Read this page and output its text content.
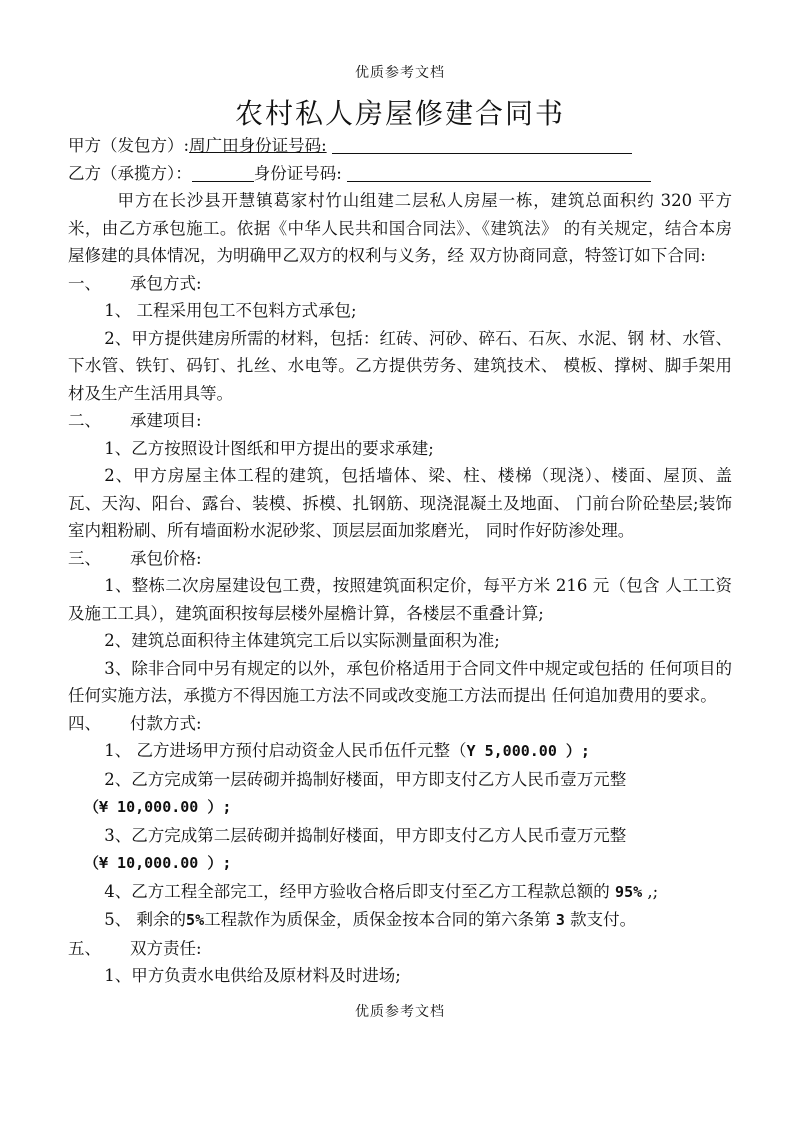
优质参考文档
农村私人房屋修建合同书
甲方（发包方）:周广田身份证号码:
乙方（承揽方）：	身份证号码:

甲方在长沙县开慧镇葛家村竹山组建二层私人房屋一栋，建筑总面积约 320 平方米，由乙方承包施工。依据《中华人民共和国合同法》、《建筑法》 的有关规定，结合本房屋修建的具体情况，为明确甲乙双方的权利与义务，经 双方协商同意，特签订如下合同:

一、 承包方式:

1、 工程采用包工不包料方式承包;

2、甲方提供建房所需的材料，包括：红砖、河砂、碎石、石灰、水泥、钢 材、水管、下水管、铁钉、码钉、扎丝、水电等。乙方提供劳务、建筑技术、 模板、撑树、脚手架用材及生产生活用具等。

二、 承建项目:

1、乙方按照设计图纸和甲方提出的要求承建;

2、甲方房屋主体工程的建筑，包括墙体、梁、柱、楼梯（现浇）、楼面、屋顶、盖瓦、天沟、阳台、露台、装模、拆模、扎钢筋、现浇混凝土及地面、 门前台阶砼垫层;装饰室内粗粉刷、所有墙面粉水泥砂浆、顶层层面加浆磨光， 同时作好防渗处理。

三、 承包价格:

1、整栋二次房屋建设包工费，按照建筑面积定价，每平方米 216 元（包含 人工工资及施工工具），建筑面积按每层楼外屋檐计算，各楼层不重叠计算;

2、建筑总面积待主体建筑完工后以实际测量面积为准;

3、除非合同中另有规定的以外，承包价格适用于合同文件中规定或包括的 任何项目的任何实施方法，承揽方不得因施工方法不同或改变施工方法而提出 任何追加费用的要求。

四、 付款方式:

1、 乙方进场甲方预付启动资金人民币伍仟元整（Y 5,000.00 ）;

2、乙方完成第一层砖砌并捣制好楼面，甲方即支付乙方人民币壹万元整

（¥ 10,000.00 ）;

3、乙方完成第二层砖砌并捣制好楼面，甲方即支付乙方人民币壹万元整

（¥ 10,000.00 ）;

4、乙方工程全部完工，经甲方验收合格后即支付至乙方工程款总额的 95% ,;

5、 剩余的5%工程款作为质保金，质保金按本合同的第六条第 3 款支付。

五、 双方责任:

1、甲方负责水电供给及原材料及时进场;

优质参考文档
